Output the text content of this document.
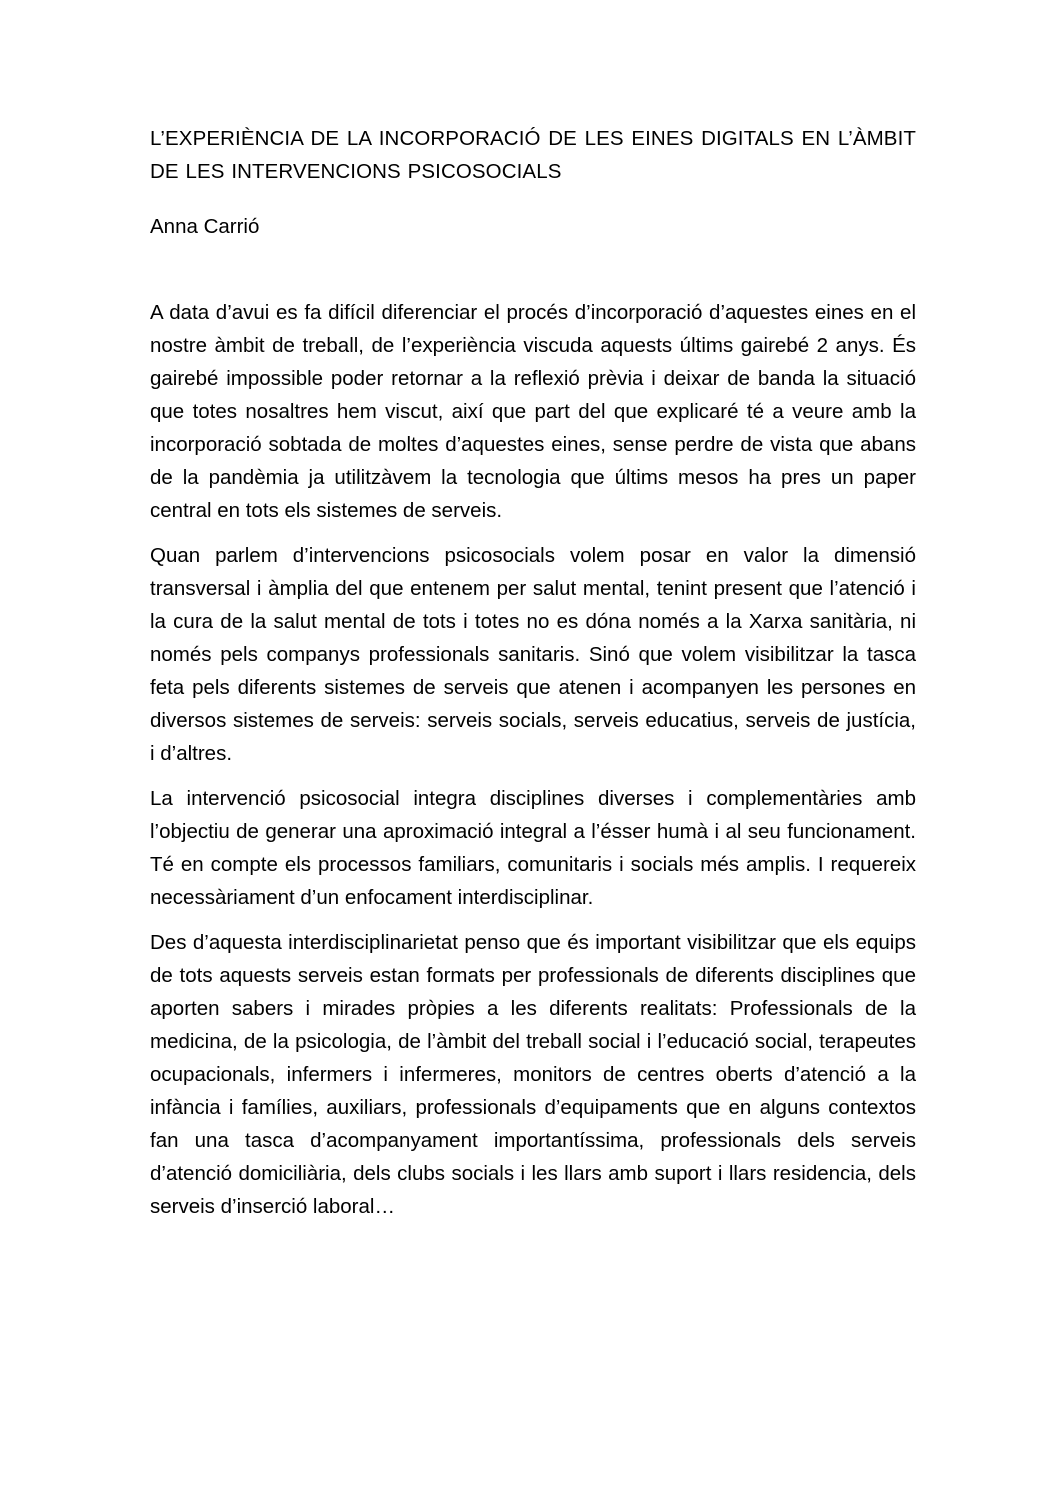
L’EXPERIÈNCIA DE LA INCORPORACIÓ DE LES EINES DIGITALS EN L’ÀMBIT
DE LES INTERVENCIONS PSICOSOCIALS
Anna Carrió

A data d’avui es fa difícil diferenciar el procés d’incorporació d’aquestes eines en el nostre àmbit de treball, de l’experiència viscuda aquests últims gairebé 2 anys. És gairebé impossible poder retornar a la reflexió prèvia i deixar de banda la situació que totes nosaltres hem viscut, així que part del que explicaré té a veure amb la incorporació sobtada de moltes d’aquestes eines, sense perdre de vista que abans de la pandèmia ja utilitzàvem la tecnologia que últims mesos ha pres un paper central en tots els sistemes de serveis.

Quan parlem d’intervencions psicosocials volem posar en valor la dimensió transversal i àmplia del que entenem per salut mental, tenint present que l’atenció i la cura de la salut mental de tots i totes no es dóna només a la Xarxa sanitària, ni només pels companys professionals sanitaris. Sinó que volem visibilitzar la tasca feta pels diferents sistemes de serveis que atenen i acompanyen les persones en diversos sistemes de serveis: serveis socials, serveis educatius, serveis de justícia, i d’altres.

La intervenció psicosocial integra disciplines diverses i complementàries amb l’objectiu de generar una aproximació integral a l’ésser humà i al seu funcionament. Té en compte els processos familiars, comunitaris i socials més amplis. I requereix necessàriament d’un enfocament interdisciplinar.

Des d’aquesta interdisciplinarietat penso que és important visibilitzar que els equips de tots aquests serveis estan formats per professionals de diferents disciplines que aporten sabers i mirades pròpies a les diferents realitats: Professionals de la medicina, de la psicologia, de l’àmbit del treball social i l’educació social, terapeutes ocupacionals, infermers i infermeres, monitors de centres oberts d’atenció a la infància i famílies, auxiliars, professionals d’equipaments que en alguns contextos fan una tasca d’acompanyament importantíssima, professionals dels serveis d’atenció domiciliària, dels clubs socials i les llars amb suport i llars residencia, dels serveis d’inserció laboral…
